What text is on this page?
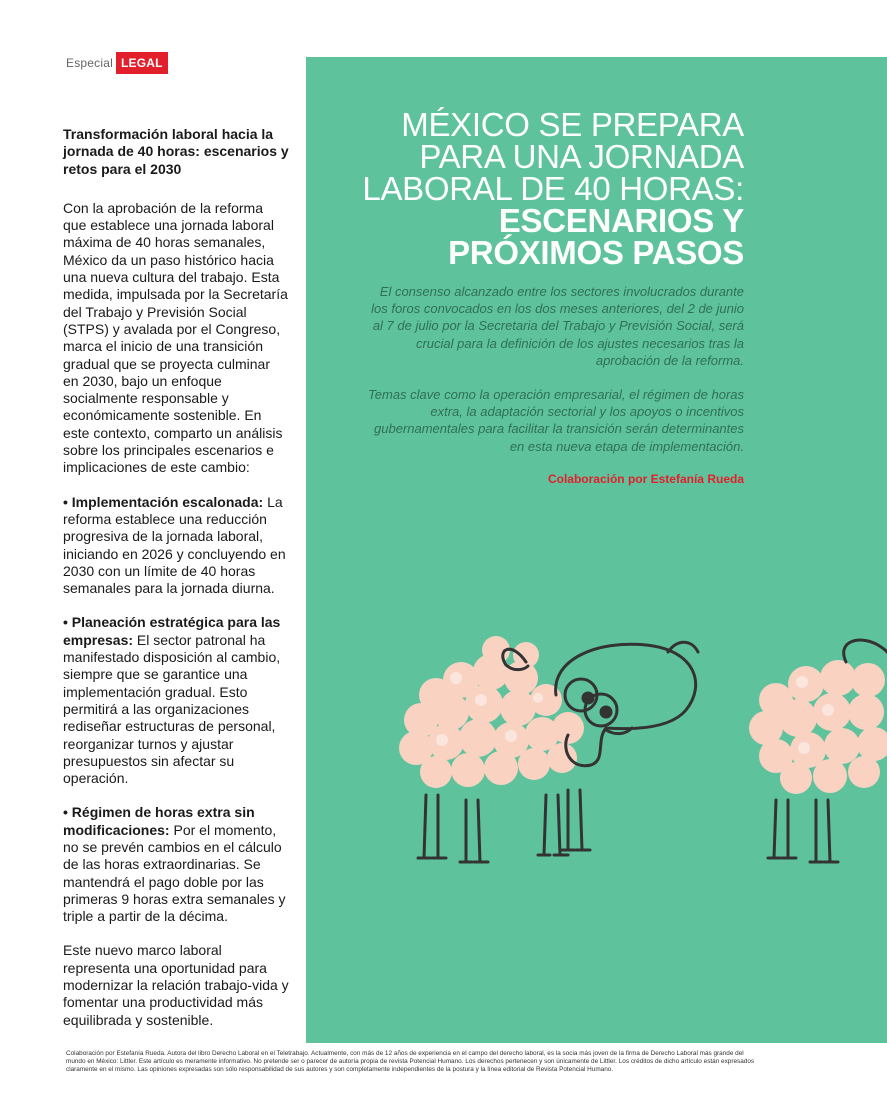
Especial LEGAL

Transformación laboral hacia la jornada de 40 horas: escenarios y retos para el 2030

Con la aprobación de la reforma que establece una jornada laboral máxima de 40 horas semanales, México da un paso histórico hacia una nueva cultura del trabajo. Esta medida, impulsada por la Secretaría del Trabajo y Previsión Social (STPS) y avalada por el Congreso, marca el inicio de una transición gradual que se proyecta culminar en 2030, bajo un enfoque socialmente responsable y económicamente sostenible. En este contexto, comparto un análisis sobre los principales escenarios e implicaciones de este cambio:

• Implementación escalonada: La reforma establece una reducción progresiva de la jornada laboral, iniciando en 2026 y concluyendo en 2030 con un límite de 40 horas semanales para la jornada diurna.

• Planeación estratégica para las empresas: El sector patronal ha manifestado disposición al cambio, siempre que se garantice una implementación gradual. Esto permitirá a las organizaciones rediseñar estructuras de personal, reorganizar turnos y ajustar presupuestos sin afectar su operación.

• Régimen de horas extra sin modificaciones: Por el momento, no se prevén cambios en el cálculo de las horas extraordinarias. Se mantendrá el pago doble por las primeras 9 horas extra semanales y triple a partir de la décima.

Este nuevo marco laboral representa una oportunidad para modernizar la relación trabajo-vida y fomentar una productividad más equilibrada y sostenible.

MÉXICO SE PREPARA
PARA UNA JORNADA
LABORAL DE 40 HORAS:
ESCENARIOS Y
PRÓXIMOS PASOS

El consenso alcanzado entre los sectores involucrados durante los foros convocados en los dos meses anteriores, del 2 de junio al 7 de julio por la Secretaria del Trabajo y Previsión Social, será crucial para la definición de los ajustes necesarios tras la aprobación de la reforma.

Temas clave como la operación empresarial, el régimen de horas extra, la adaptación sectorial y los apoyos o incentivos gubernamentales para facilitar la transición serán determinantes en esta nueva etapa de implementación.

Colaboración por Estefanía Rueda
Colaboración por Estefanía Rueda. Autora del libro Derecho Laboral en el Teletrabajo. Actualmente, con más de 12 años de experiencia en el campo del derecho laboral, es la socia más joven de la firma de Derecho Laboral más grande del mundo en México: Littler. Este artículo es meramente informativo. No pretende ser o parecer de autoría propia de revista Potencial Humano. Los derechos pertenecen y son únicamente de Littler. Los créditos de dicho artículo están expresados claramente en el mismo. Las opiniones expresadas son sólo responsabilidad de sus autores y son completamente independientes de la postura y la línea editorial de Revista Potencial Humano.
